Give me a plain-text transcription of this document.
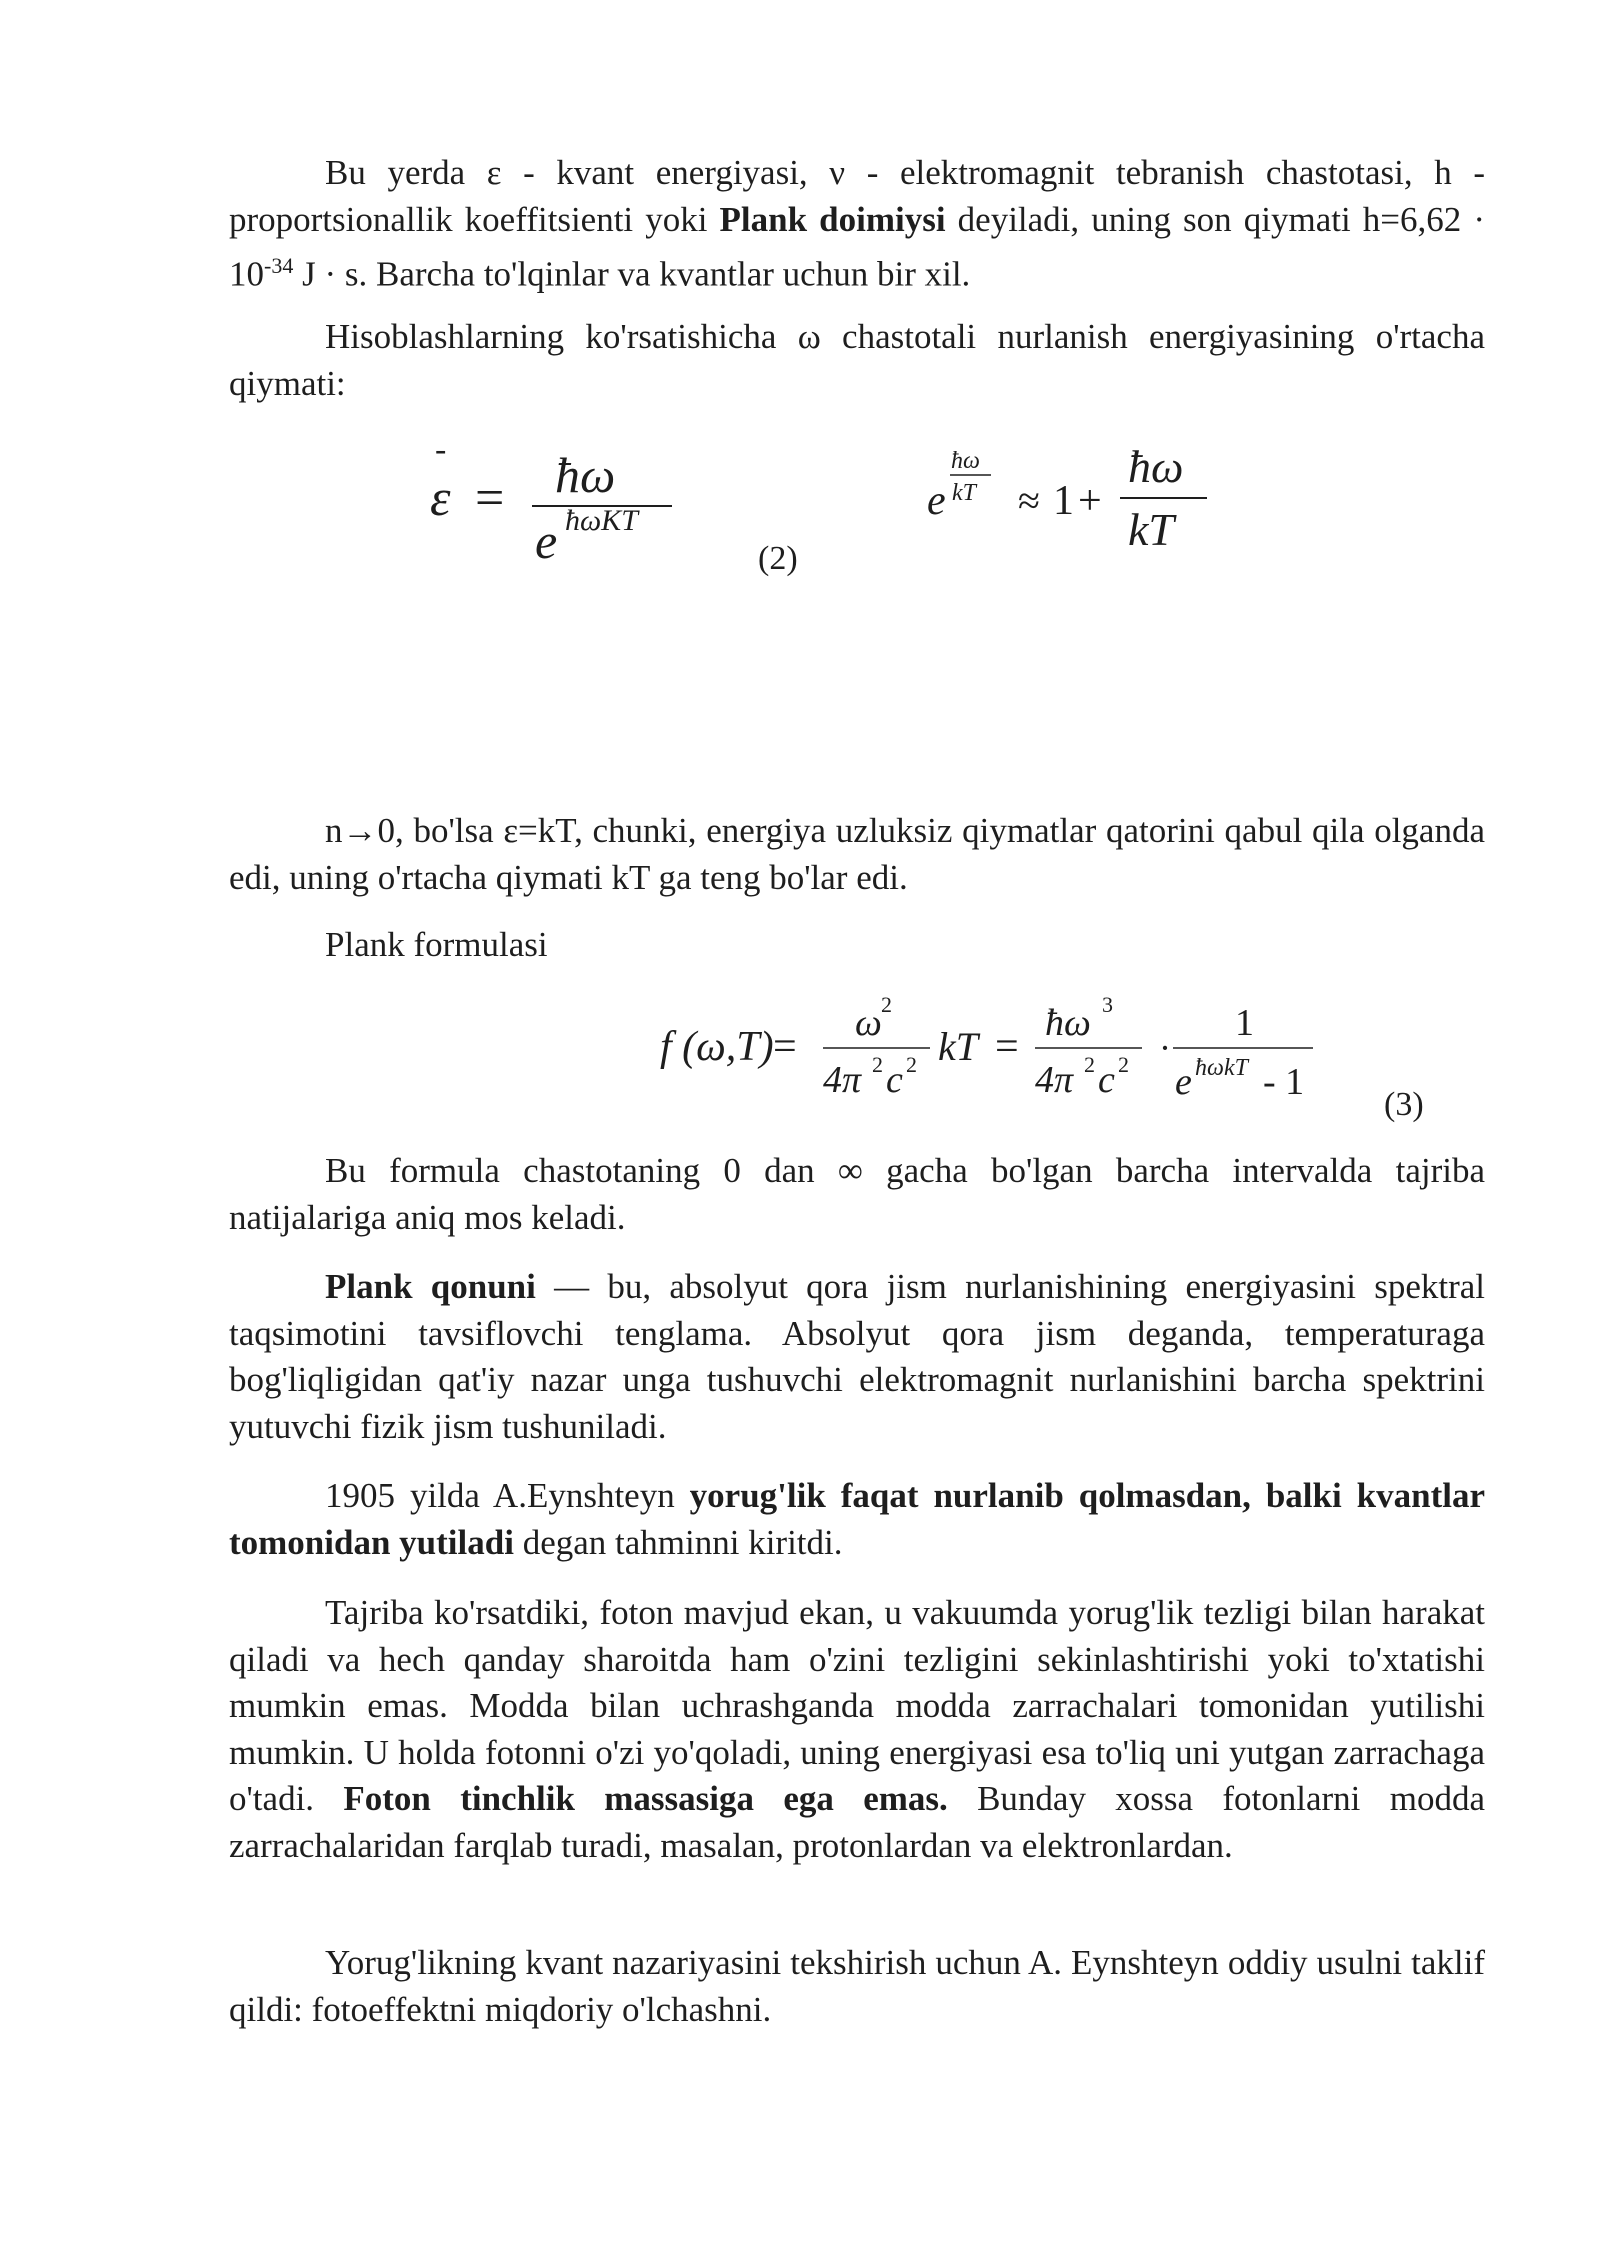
Bu yerda ε - kvant energiyasi, ν - elektromagnit tebranish chastotasi, h - proportsionallik koeffitsienti yoki Plank doimiysi deyiladi, uning son qiymati $h=6,62 \cdot 10^{-34}$ J · s. Barcha to'lqinlar va kvantlar uchun bir xil.

Hisoblashlarning ko'rsatishicha ω chastotali nurlanish energiyasining o'rtacha qiymati:

-
ε = ħω
e ħωKT
(2)
e
ħω
kT ≈ 1 +
ħω
kT

n→0, bo'lsa ε=kT, chunki, energiya uzluksiz qiymatlar qatorini qabul qila olganda edi, uning o'rtacha qiymati kT ga teng bo'lar edi.

Plank formulasi

f (ω,T) =
ω 2
4π 2 c 2 kT =
ħω 3
4π 2 c 2 ·
1
e ħωkT - 1
(3)

Bu formula chastotaning 0 dan ∞ gacha bo'lgan barcha intervalda tajriba natijalariga aniq mos keladi.

Plank qonuni — bu, absolyut qora jism nurlanishining energiyasini spektral taqsimotini tavsiflovchi tenglama. Absolyut qora jism deganda, temperaturaga bog'liqligidan qat'iy nazar unga tushuvchi elektromagnit nurlanishini barcha spektrini yutuvchi fizik jism tushuniladi.

1905 yilda A.Eynshteyn yorug'lik faqat nurlanib qolmasdan, balki kvantlar tomonidan yutiladi degan tahminni kiritdi.

Tajriba ko'rsatdiki, foton mavjud ekan, u vakuumda yorug'lik tezligi bilan harakat qiladi va hech qanday sharoitda ham o'zini tezligini sekinlashtirishi yoki to'xtatishi mumkin emas. Modda bilan uchrashganda modda zarrachalari tomonidan yutilishi mumkin. U holda fotonni o'zi yo'qoladi, uning energiyasi esa to'liq uni yutgan zarrachaga o'tadi. Foton tinchlik massasiga ega emas. Bunday xossa fotonlarni modda zarrachalaridan farqlab turadi, masalan, protonlardan va elektronlardan.

Yorug'likning kvant nazariyasini tekshirish uchun A. Eynshteyn oddiy usulni taklif qildi: fotoeffektni miqdoriy o'lchashni.
